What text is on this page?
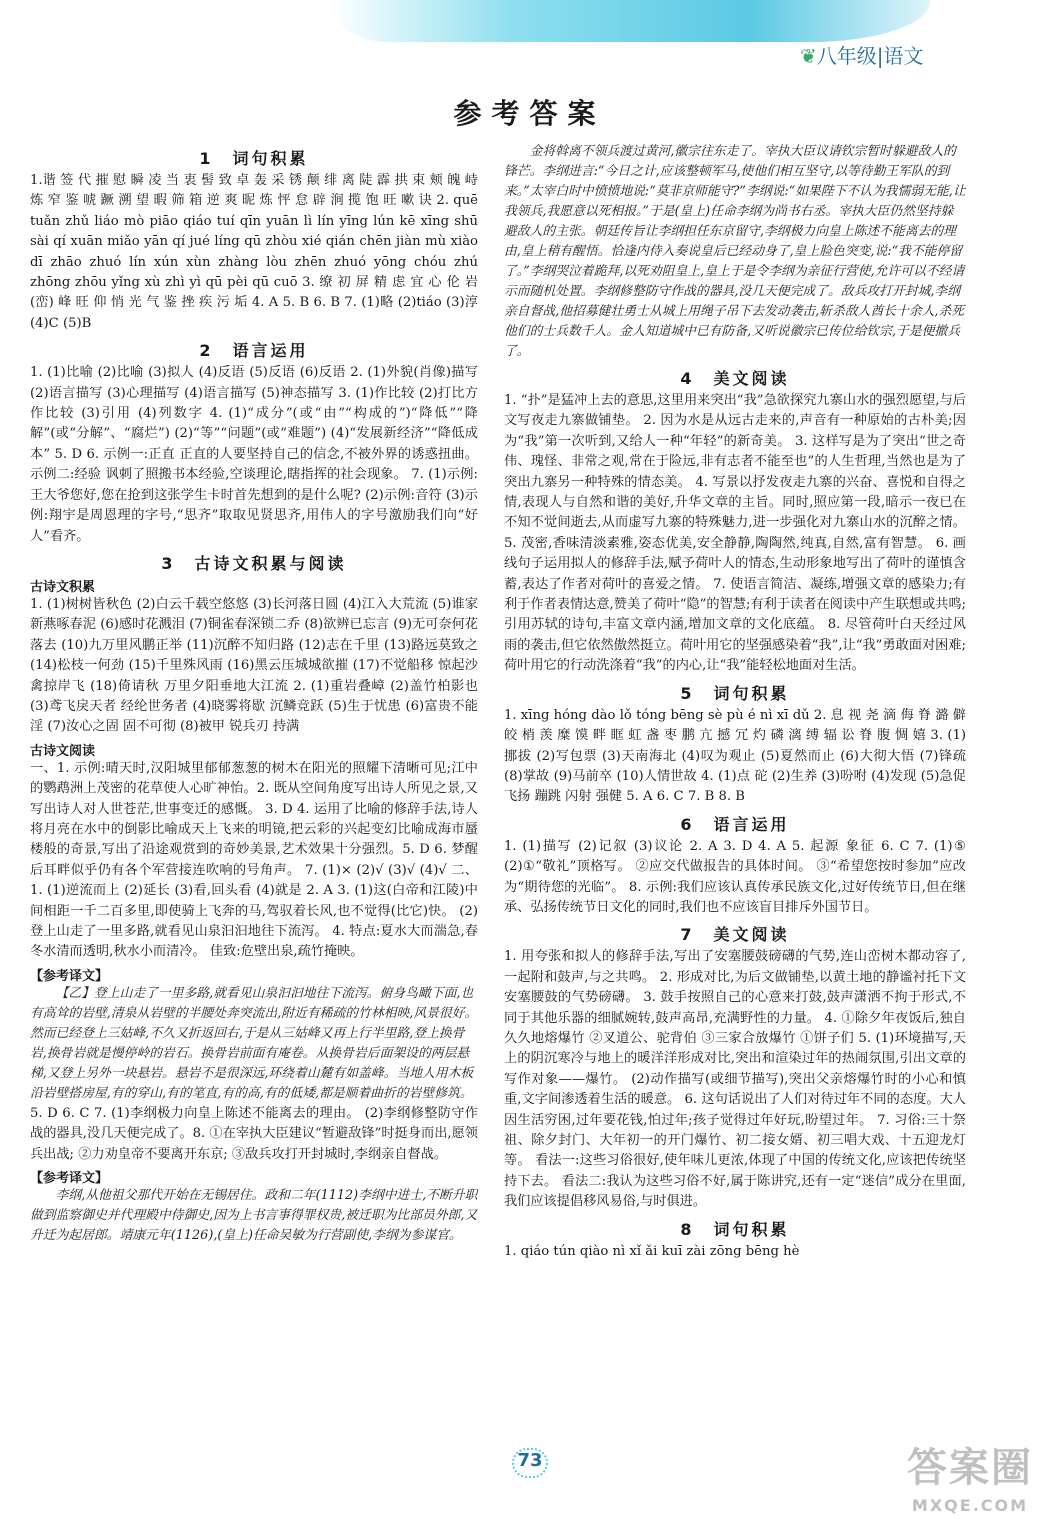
❦八年级|语文
参考答案
1　词句积累

1.谐 签 代 摧 慰 瞬 凌 当 衷 髻 致 卓 轰 采 锈 颠 绯 离 陡 霹 拱 束 颊 魄 峙 炼 窄 鉴 唬 蹶 溯 望 暇 筛 箱 逆 爽 昵 炼 怦 怠 辟 涧 揽 饱 旺 嗽 诀 2. quē tuǎn zhǔ liáo mò piāo qiáo tuí qīn yuān lì lín yīng lún kē xīng shū sài qí xuān miǎo yān qí jué líng qū zhòu xié qián chēn jiàn mù xiào dī zhāo zhuó lín xún xùn zhàng lòu zhēn zhuó yōng chóu zhú zhōng zhōu yǐng xù zhì yì qū pèi qū cuō 3. 缭 初 屏 精 虑 宜 心 伦 岩(峦) 峰 旺 仰 悄 光 气 鉴 挫 疾 污 垢 4. A 5. B 6. B 7. (1)略 (2)tiáo (3)淳 (4)C (5)B

2　语言运用

1. (1)比喻 (2)比喻 (3)拟人 (4)反语 (5)反语 (6)反语 2. (1)外貌(肖像)描写 (2)语言描写 (3)心理描写 (4)语言描写 (5)神态描写 3. (1)作比较 (2)打比方 作比较 (3)引用 (4)列数字 4. (1)“成分”(或“由”“构成的”)“降低”“降解”(或“分解”、“腐烂”) (2)“等”“问题”(或“难题”) (4)“发展新经济”“降低成本” 5. D 6. 示例一:正直 正直的人要坚持自己的信念,不被外界的诱惑扭曲。示例二:经验 讽刺了照搬书本经验,空谈理论,瞎指挥的社会现象。 7. (1)示例:王大爷您好,您在抢到这张学生卡时首先想到的是什么呢? (2)示例:音符 (3)示例:翔宇是周恩理的字号,“思齐”取取见贤思齐,用伟人的字号激励我们向“好人”看齐。

3　古诗文积累与阅读
古诗文积累

1. (1)树树皆秋色 (2)白云千载空悠悠 (3)长河落日圆 (4)江入大荒流 (5)谁家新燕啄春泥 (6)感时花溅泪 (7)铜雀春深锁二乔 (8)欲辨已忘言 (9)无可奈何花落去 (10)九万里风鹏正举 (11)沉醉不知归路 (12)志在千里 (13)路远莫致之 (14)松枝一何劲 (15)千里殊风雨 (16)黑云压城城欲摧 (17)不觉船移 惊起沙禽掠岸飞 (18)倚请秋 万里夕阳垂地大江流 2. (1)重岩叠嶂 (2)盖竹柏影也 (3)鸢飞戾天者 经纶世务者 (4)晓雾将歇 沉鳞竞跃 (5)生于忧患 (6)富贵不能淫 (7)汝心之固 固不可彻 (8)被甲 锐兵刃 持满

古诗文阅读

一、1. 示例:晴天时,汉阳城里郁郁葱葱的树木在阳光的照耀下清晰可见;江中的鹦鹉洲上茂密的花草使人心旷神怡。2. 既从空间角度写出诗人所见之景,又写出诗人对人世苍茫,世事变迁的感慨。 3. D 4. 运用了比喻的修辞手法,诗人将月亮在水中的倒影比喻成天上飞来的明镜,把云彩的兴起变幻比喻成海市蜃楼般的奇景,写出了沿途观赏到的奇妙美景,艺术效果十分强烈。5. D 6. 梦醒后耳畔似乎仍有各个军营接连吹响的号角声。 7. (1)× (2)√ (3)√ (4)√ 二、1. (1)逆流而上 (2)延长 (3)看,回头看 (4)就是 2. A 3. (1)这(白帝和江陵)中间相距一千二百多里,即使骑上飞奔的马,驾驭着长风,也不觉得(比它)快。 (2)登上山走了一里多路,就看见山泉汩汩地往下流泻。 4. 特点:夏水大而湍急,春冬水清而透明,秋水小而清冷。 佳致:危壁出泉,疏竹掩映。

【参考译文】

【乙】登上山走了一里多路,就看见山泉汩汩地往下流泻。俯身鸟瞰下面,也有高耸的岩壁,清泉从岩壁的半腰处奔突流出,附近有稀疏的竹林相映,风景很好。然而已经登上三姑峰,不久又折返回右,于是从三姑峰又再上行半里路,登上换骨岩,换骨岩就是慢停岭的岩石。换骨岩前面有庵卷。从换骨岩后面架设的两层悬梯,又登上另外一块悬岩。悬岩不是很深远,环绕着山麓有如盖峰。当地人用木板沿岩壁搭房屋,有的穿山,有的笔直,有的高,有的低矮,都是顺着曲折的岩壁修筑。

5. D 6. C 7. (1)李纲极力向皇上陈述不能离去的理由。 (2)李纲修整防守作战的器具,没几天便完成了。8. ①在宰执大臣建议“暂避敌锋”时挺身而出,愿领兵出战; ②力劝皇帝不要离开东京; ③敌兵攻打开封城时,李纲亲自督战。

【参考译文】

李纲,从他祖父那代开始在无锡居住。政和二年(1112)李纲中进士,不断升职做到监察御史并代理殿中侍御史,因为上书言事得罪权贵,被迁职为比部员外郎,又升迁为起居郎。靖康元年(1126),(皇上)任命吴敏为行营副使,李纲为参谋官。

金将斡离不领兵渡过黄河,徽宗往东走了。宰执大臣议请钦宗暂时躲避敌人的锋芒。李纲进言:“今日之计,应该整顿军马,使他们相互坚守,以等待勤王军队的到来。”太宰白时中愤愤地说:“莫非京师能守?”李纲说:“如果陛下不认为我懦弱无能,让我领兵,我愿意以死相报。”于是(皇上)任命李纲为尚书右丞。宰执大臣仍然坚持躲避敌人的主张。朝廷传旨让李纲担任东京留守,李纲极力向皇上陈述不能离去的理由,皇上稍有醒悟。恰逢内侍入奏说皇后已经动身了,皇上脸色突变,说:“我不能停留了。”李纲哭泣着跪拜,以死劝阻皇上,皇上于是令李纲为亲征行营使,允许可以不经请示而随机处置。李纲修整防守作战的器具,没几天便完成了。敌兵攻打开封城,李纲亲自督战,他招募健壮勇士从城上用绳子吊下去发动袭击,斩杀敌人酋长十余人,杀死他们的士兵数千人。金人知道城中已有防备,又听说徽宗已传位给钦宗,于是便撤兵了。

4　美文阅读

1. “扑”是猛冲上去的意思,这里用来突出“我”急欲探究九寨山水的强烈愿望,与后文写夜走九寨做铺垫。 2. 因为水是从远古走来的,声音有一种原始的古朴美;因为“我”第一次听到,又给人一种“年轻”的新奇美。 3. 这样写是为了突出“世之奇伟、瑰怪、非常之观,常在于险远,非有志者不能至也”的人生哲理,当然也是为了突出九寨另一种特殊的情态美。 4. 写景以抒发夜走九寨的兴奋、喜悦和自得之情,表现人与自然和谐的美好,升华文章的主旨。同时,照应第一段,暗示一夜已在不知不觉间逝去,从而虚写九寨的特殊魅力,进一步强化对九寨山水的沉醉之情。 5. 茂密,香味清淡素雅,姿态优美,安全静静,陶陶然,纯真,自然,富有智慧。 6. 画线句子运用拟人的修辞手法,赋予荷叶人的情态,生动形象地写出了荷叶的谨慎含蓄,表达了作者对荷叶的喜爱之情。 7. 使语言简洁、凝练,增强文章的感染力;有利于作者表情达意,赞美了荷叶“隐”的智慧;有利于读者在阅读中产生联想或共鸣;引用苏轼的诗句,丰富文章内涵,增加文章的文化底蕴。 8. 尽管荷叶白天经过风雨的袭击,但它依然傲然挺立。荷叶用它的坚强感染着“我”,让“我”勇敢面对困难;荷叶用它的行动洗涤着“我”的内心,让“我”能轻松地面对生活。

5　词句积累

1. xīng hóng dào lǒ tóng bēng sè pù é nì xī dǔ 2. 息 视 尧 滴 侮 脊 潞 僻 皎 梢 羡 糜 馍 畔 眶 虹 盏 枣 鹏 亢 撼 冗 灼 磷 漓 缚 辐 讼 脊 腹 惆 嬉 3. (1)挪拔 (2)写包票 (3)天南海北 (4)叹为观止 (5)夏然而止 (6)大彻大悟 (7)锋疏 (8)掌故 (9)马前卒 (10)人情世故 4. (1)点 砣 (2)生养 (3)吩咐 (4)发现 (5)急促 飞扬 蹦跳 闪射 强健 5. A 6. C 7. B 8. B

6　语言运用

1. (1)描写 (2)记叙 (3)议论 2. A 3. D 4. A 5. 起源 象征 6. C 7. (1)⑤ (2)①“敬礼”顶格写。 ②应交代做报告的具体时间。 ③“希望您按时参加”应改为“期待您的光临”。 8. 示例:我们应该认真传承民族文化,过好传统节日,但在继承、弘扬传统节日文化的同时,我们也不应该盲目排斥外国节日。

7　美文阅读

1. 用夸张和拟人的修辞手法,写出了安塞腰鼓磅礴的气势,连山峦树木都动容了,一起附和鼓声,与之共鸣。 2. 形成对比,为后文做铺垫,以黄土地的静谧衬托下文安塞腰鼓的气势磅礴。 3. 鼓手按照自己的心意来打鼓,鼓声潇洒不拘于形式,不同于其他乐器的细腻婉转,鼓声高昂,充满野性的力量。 4. ①除夕年夜饭后,独自久久地熔爆竹 ②叉道公、驼背伯 ③三家合放爆竹 ①饼子们 5. (1)环境描写,天上的阴沉寒冷与地上的暖洋洋形成对比,突出和渲染过年的热闹氛围,引出文章的写作对象——爆竹。 (2)动作描写(或细节描写),突出父亲熔爆竹时的小心和慎重,文字间渗透着生活的暖意。 6. 这句话说出了人们对待过年不同的态度。大人因生活穷困,过年要花钱,怕过年;孩子觉得过年好玩,盼望过年。 7. 习俗:三十祭祖、除夕封门、大年初一的开门爆竹、初二接女婿、初三唱大戏、十五迎龙灯等。 看法一:这些习俗很好,使年味儿更浓,体现了中国的传统文化,应该把传统坚持下去。 看法二:我认为这些习俗不好,属于陈讲究,还有一定“迷信”成分在里面,我们应该提倡移风易俗,与时俱进。

8　词句积累

1. qiáo tún qiào nì xǐ ǎi kuī zài zōng bēng hè

73	答案圈
MXQE.COM
